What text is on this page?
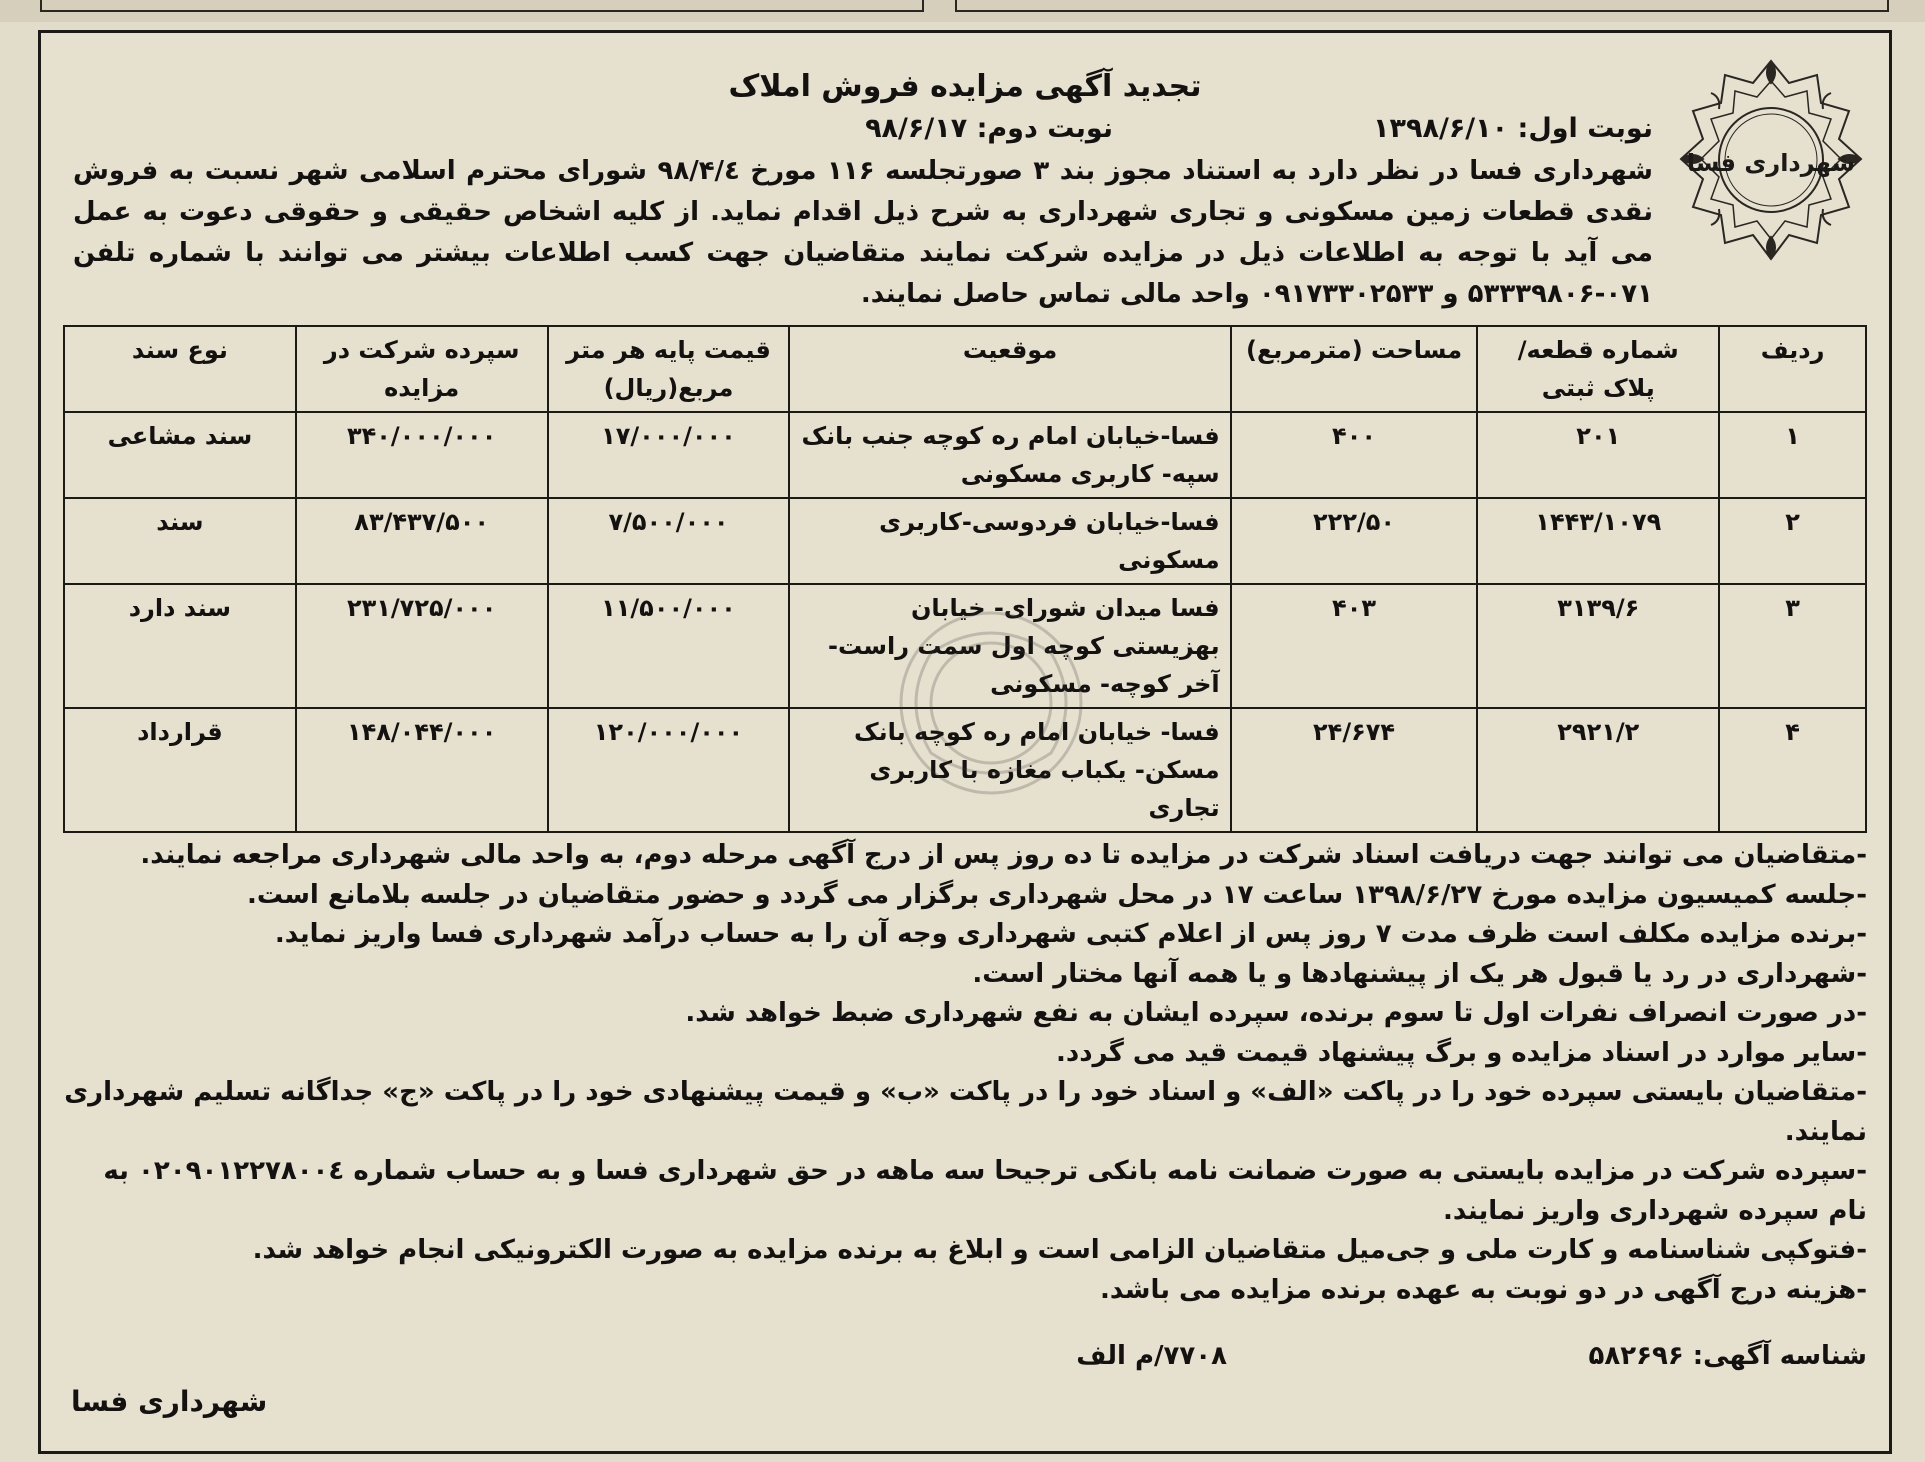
شهرداری فسا
تجدید آگهی مزایده فروش املاک
نوبت اول: ۱۳۹۸/۶/۱۰
نوبت دوم: ۹۸/۶/۱۷
شهرداری فسا در نظر دارد به استناد مجوز بند ۳ صورتجلسه ۱۱۶ مورخ ۹۸/۴/٤ شورای محترم اسلامی شهر نسبت به فروش نقدی قطعات زمین مسکونی و تجاری شهرداری به شرح ذیل اقدام نماید. از کلیه اشخاص حقیقی و حقوقی دعوت به عمل می آید با توجه به اطلاعات ذیل در مزایده شرکت نمایند متقاضیان جهت کسب اطلاعات بیشتر می توانند با شماره تلفن ۰۷۱-۵۳۳۳۹۸۰۶ و ۰۹۱۷۳۳۰۲۵۳۳ واحد مالی تماس حاصل نمایند.
ردیف	شماره قطعه/ پلاک ثبتی	مساحت (مترمربع)	موقعیت	قیمت پایه هر متر مربع(ریال)	سپرده شرکت در مزایده	نوع سند
۱	۲۰۱	۴۰۰	فسا-خیابان امام ره کوچه جنب بانک سپه- کاربری مسکونی	۱۷/۰۰۰/۰۰۰	۳۴۰/۰۰۰/۰۰۰	سند مشاعی
۲	۱۴۴۳/۱۰۷۹	۲۲۲/۵۰	فسا-خیابان فردوسی-کاربری مسکونی	۷/۵۰۰/۰۰۰	۸۳/۴۳۷/۵۰۰	سند
۳	۳۱۳۹/۶	۴۰۳	فسا میدان شورای- خیابان بهزیستی کوچه اول سمت راست- آخر کوچه- مسکونی	۱۱/۵۰۰/۰۰۰	۲۳۱/۷۲۵/۰۰۰	سند دارد
۴	۲۹۲۱/۲	۲۴/۶۷۴	فسا- خیابان امام ره کوچه بانک مسکن- یکباب مغازه با کاربری تجاری	۱۲۰/۰۰۰/۰۰۰	۱۴۸/۰۴۴/۰۰۰	قرارداد
-متقاضیان می توانند جهت دریافت اسناد شرکت در مزایده تا ده روز پس از درج آگهی مرحله دوم، به واحد مالی شهرداری مراجعه نمایند.
-جلسه کمیسیون مزایده مورخ ۱۳۹۸/۶/۲۷ ساعت ۱۷ در محل شهرداری برگزار می گردد و حضور متقاضیان در جلسه بلامانع است.
-برنده مزایده مکلف است ظرف مدت ۷ روز پس از اعلام کتبی شهرداری وجه آن را به حساب درآمد شهرداری فسا واریز نماید.
-شهرداری در رد یا قبول هر یک از پیشنهادها و یا همه آنها مختار است.
-در صورت انصراف نفرات اول تا سوم برنده، سپرده ایشان به نفع شهرداری ضبط خواهد شد.
-سایر موارد در اسناد مزایده و برگ پیشنهاد قیمت قید می گردد.
-متقاضیان بایستی سپرده خود را در پاکت «الف» و اسناد خود را در پاکت «ب» و قیمت پیشنهادی خود را در پاکت «ج» جداگانه تسلیم شهرداری نمایند.
-سپرده شرکت در مزایده بایستی به صورت ضمانت نامه بانکی ترجیحا سه ماهه در حق شهرداری فسا و به حساب شماره ۰۲۰۹۰۱۲۲۷۸۰۰٤ به نام سپرده شهرداری واریز نمایند.
-فتوکپی شناسنامه و کارت ملی و جی‌میل متقاضیان الزامی است و ابلاغ به برنده مزایده به صورت الکترونیکی انجام خواهد شد.
-هزینه درج آگهی در دو نوبت به عهده برنده مزایده می باشد.
شناسه آگهی: ۵۸۲۶۹۶
۷۷۰۸/م الف
شهرداری فسا
